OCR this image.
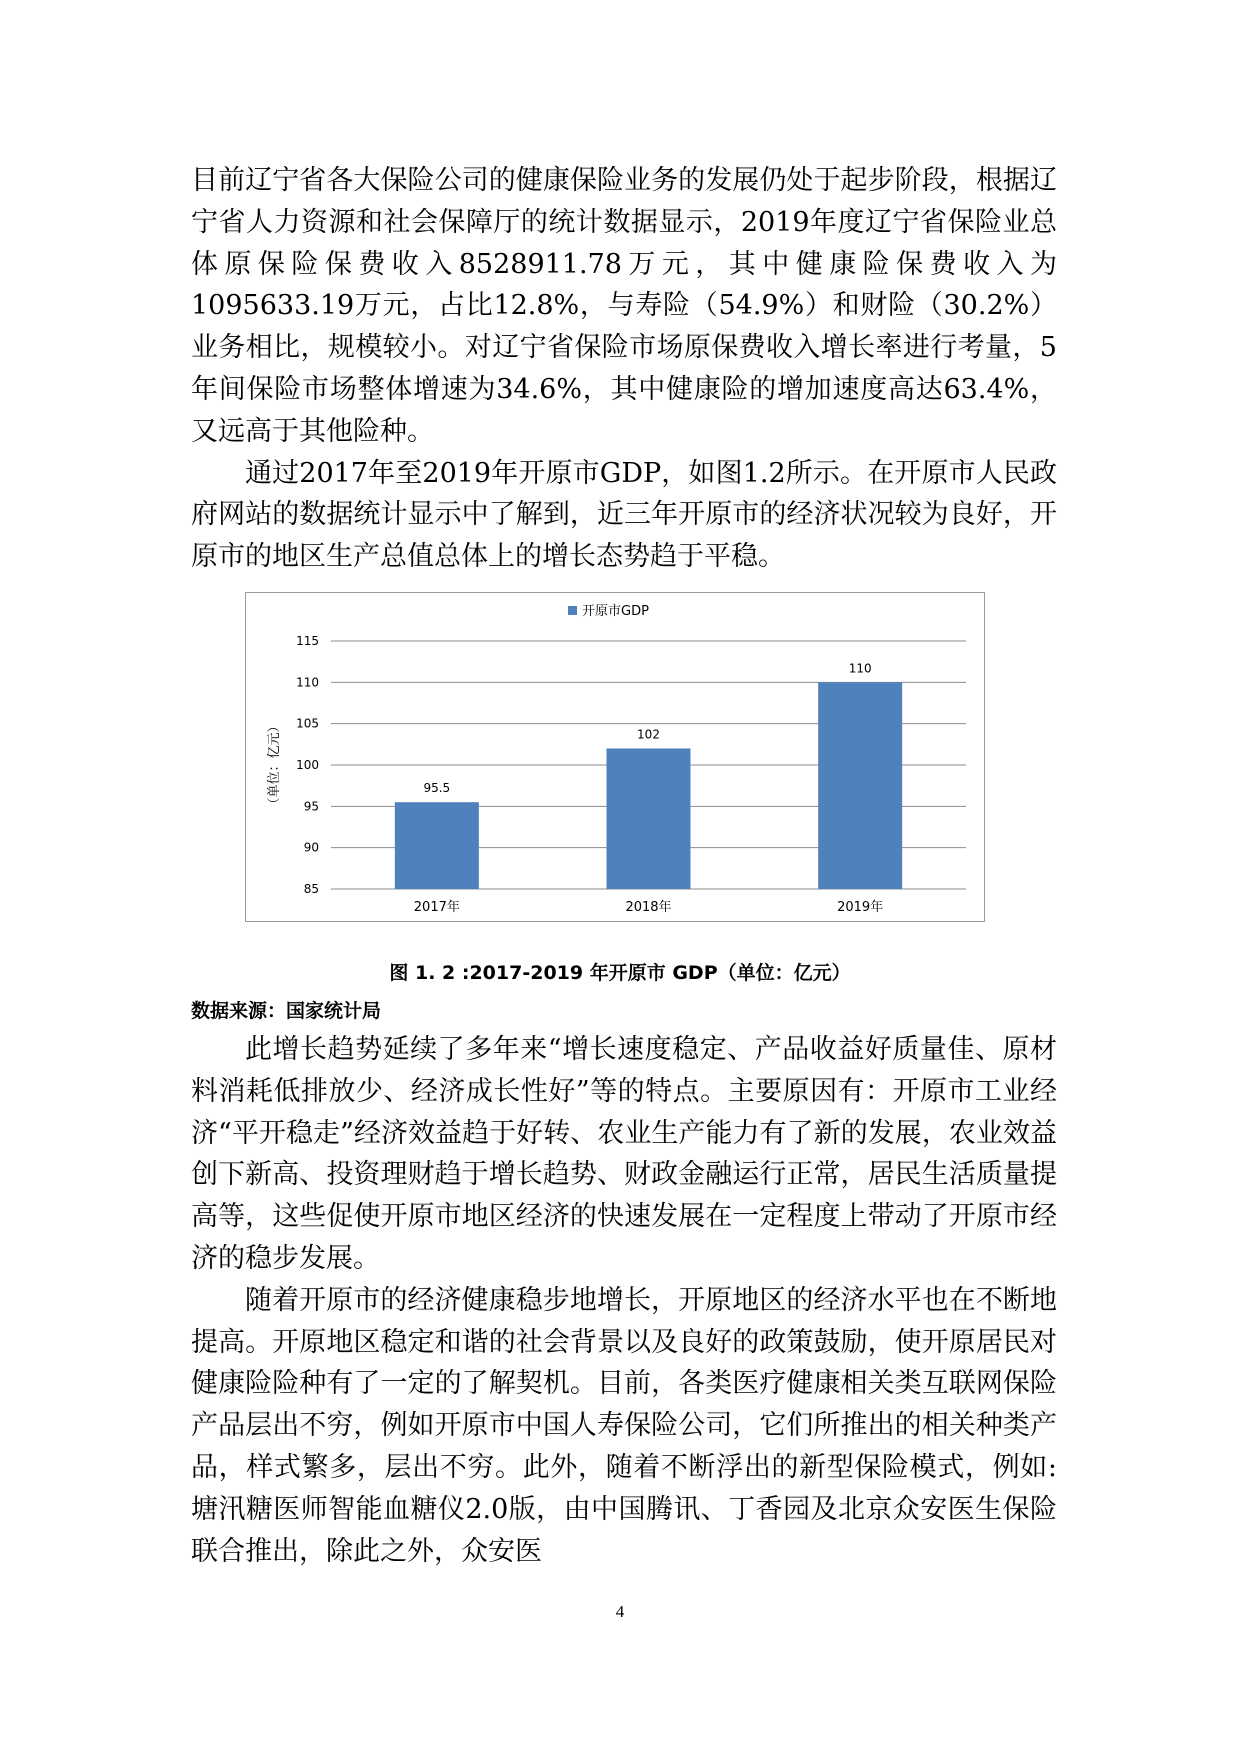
目前辽宁省各大保险公司的健康保险业务的发展仍处于起步阶段，根据辽宁省人力资源和社会保障厅的统计数据显示，2019年度辽宁省保险业总体原保险保费收入8528911.78万元，其中健康险保费收入为1095633.19万元，占比12.8%，与寿险（54.9%）和财险（30.2%）业务相比，规模较小。对辽宁省保险市场原保费收入增长率进行考量，5年间保险市场整体增速为34.6%，其中健康险的增加速度高达63.4%，又远高于其他险种。

通过2017年至2019年开原市GDP，如图1.2所示。在开原市人民政府网站的数据统计显示中了解到，近三年开原市的经济状况较为良好，开原市的地区生产总值总体上的增长态势趋于平稳。

85
90
95
100
105
110
115
（单位：亿元）	95.5
2017年
102
2018年
110
2019年
开原市GDP
图 1. 2 :2017-2019 年开原市 GDP（单位：亿元）
数据来源：国家统计局

此增长趋势延续了多年来“增长速度稳定、产品收益好质量佳、原材料消耗低排放少、经济成长性好”等的特点。主要原因有：开原市工业经济“平开稳走”经济效益趋于好转、农业生产能力有了新的发展，农业效益创下新高、投资理财趋于增长趋势、财政金融运行正常，居民生活质量提高等，这些促使开原市地区经济的快速发展在一定程度上带动了开原市经济的稳步发展。

随着开原市的经济健康稳步地增长，开原地区的经济水平也在不断地提高。开原地区稳定和谐的社会背景以及良好的政策鼓励，使开原居民对健康险险种有了一定的了解契机。目前，各类医疗健康相关类互联网保险产品层出不穷，例如开原市中国人寿保险公司，它们所推出的相关种类产品，样式繁多，层出不穷。此外，随着不断浮出的新型保险模式，例如:塘汛糖医师智能血糖仪2.0版，由中国腾讯、丁香园及北京众安医生保险联合推出，除此之外，众安医

4
